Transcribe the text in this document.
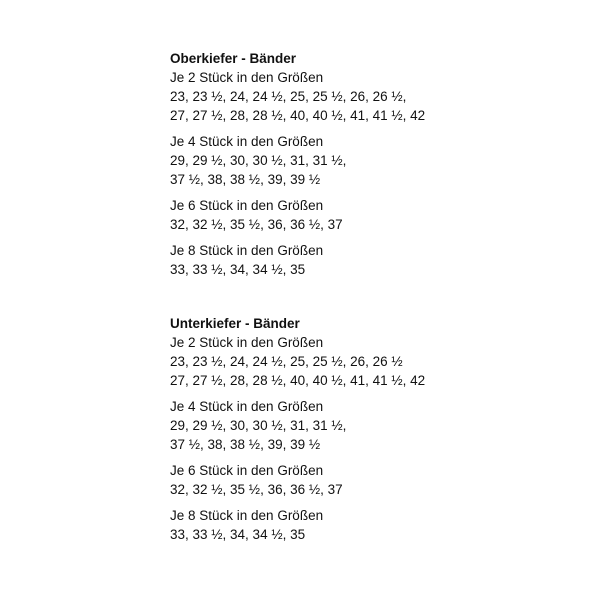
Oberkiefer - Bänder

Je 2 Stück in den Größen

23, 23 ½, 24, 24 ½, 25, 25 ½, 26, 26 ½,

27, 27 ½, 28, 28 ½, 40, 40 ½, 41, 41 ½, 42

Je 4 Stück in den Größen

29, 29 ½, 30, 30 ½, 31, 31 ½,

37 ½, 38, 38 ½, 39, 39 ½

Je 6 Stück in den Größen

32, 32 ½, 35 ½, 36, 36 ½, 37

Je 8 Stück in den Größen

33, 33 ½, 34, 34 ½, 35

Unterkiefer - Bänder

Je 2 Stück in den Größen

23, 23 ½, 24, 24 ½, 25, 25 ½, 26, 26 ½

27, 27 ½, 28, 28 ½, 40, 40 ½, 41, 41 ½, 42

Je 4 Stück in den Größen

29, 29 ½, 30, 30 ½, 31, 31 ½,

37 ½, 38, 38 ½, 39, 39 ½

Je 6 Stück in den Größen

32, 32 ½, 35 ½, 36, 36 ½, 37

Je 8 Stück in den Größen

33, 33 ½, 34, 34 ½, 35
